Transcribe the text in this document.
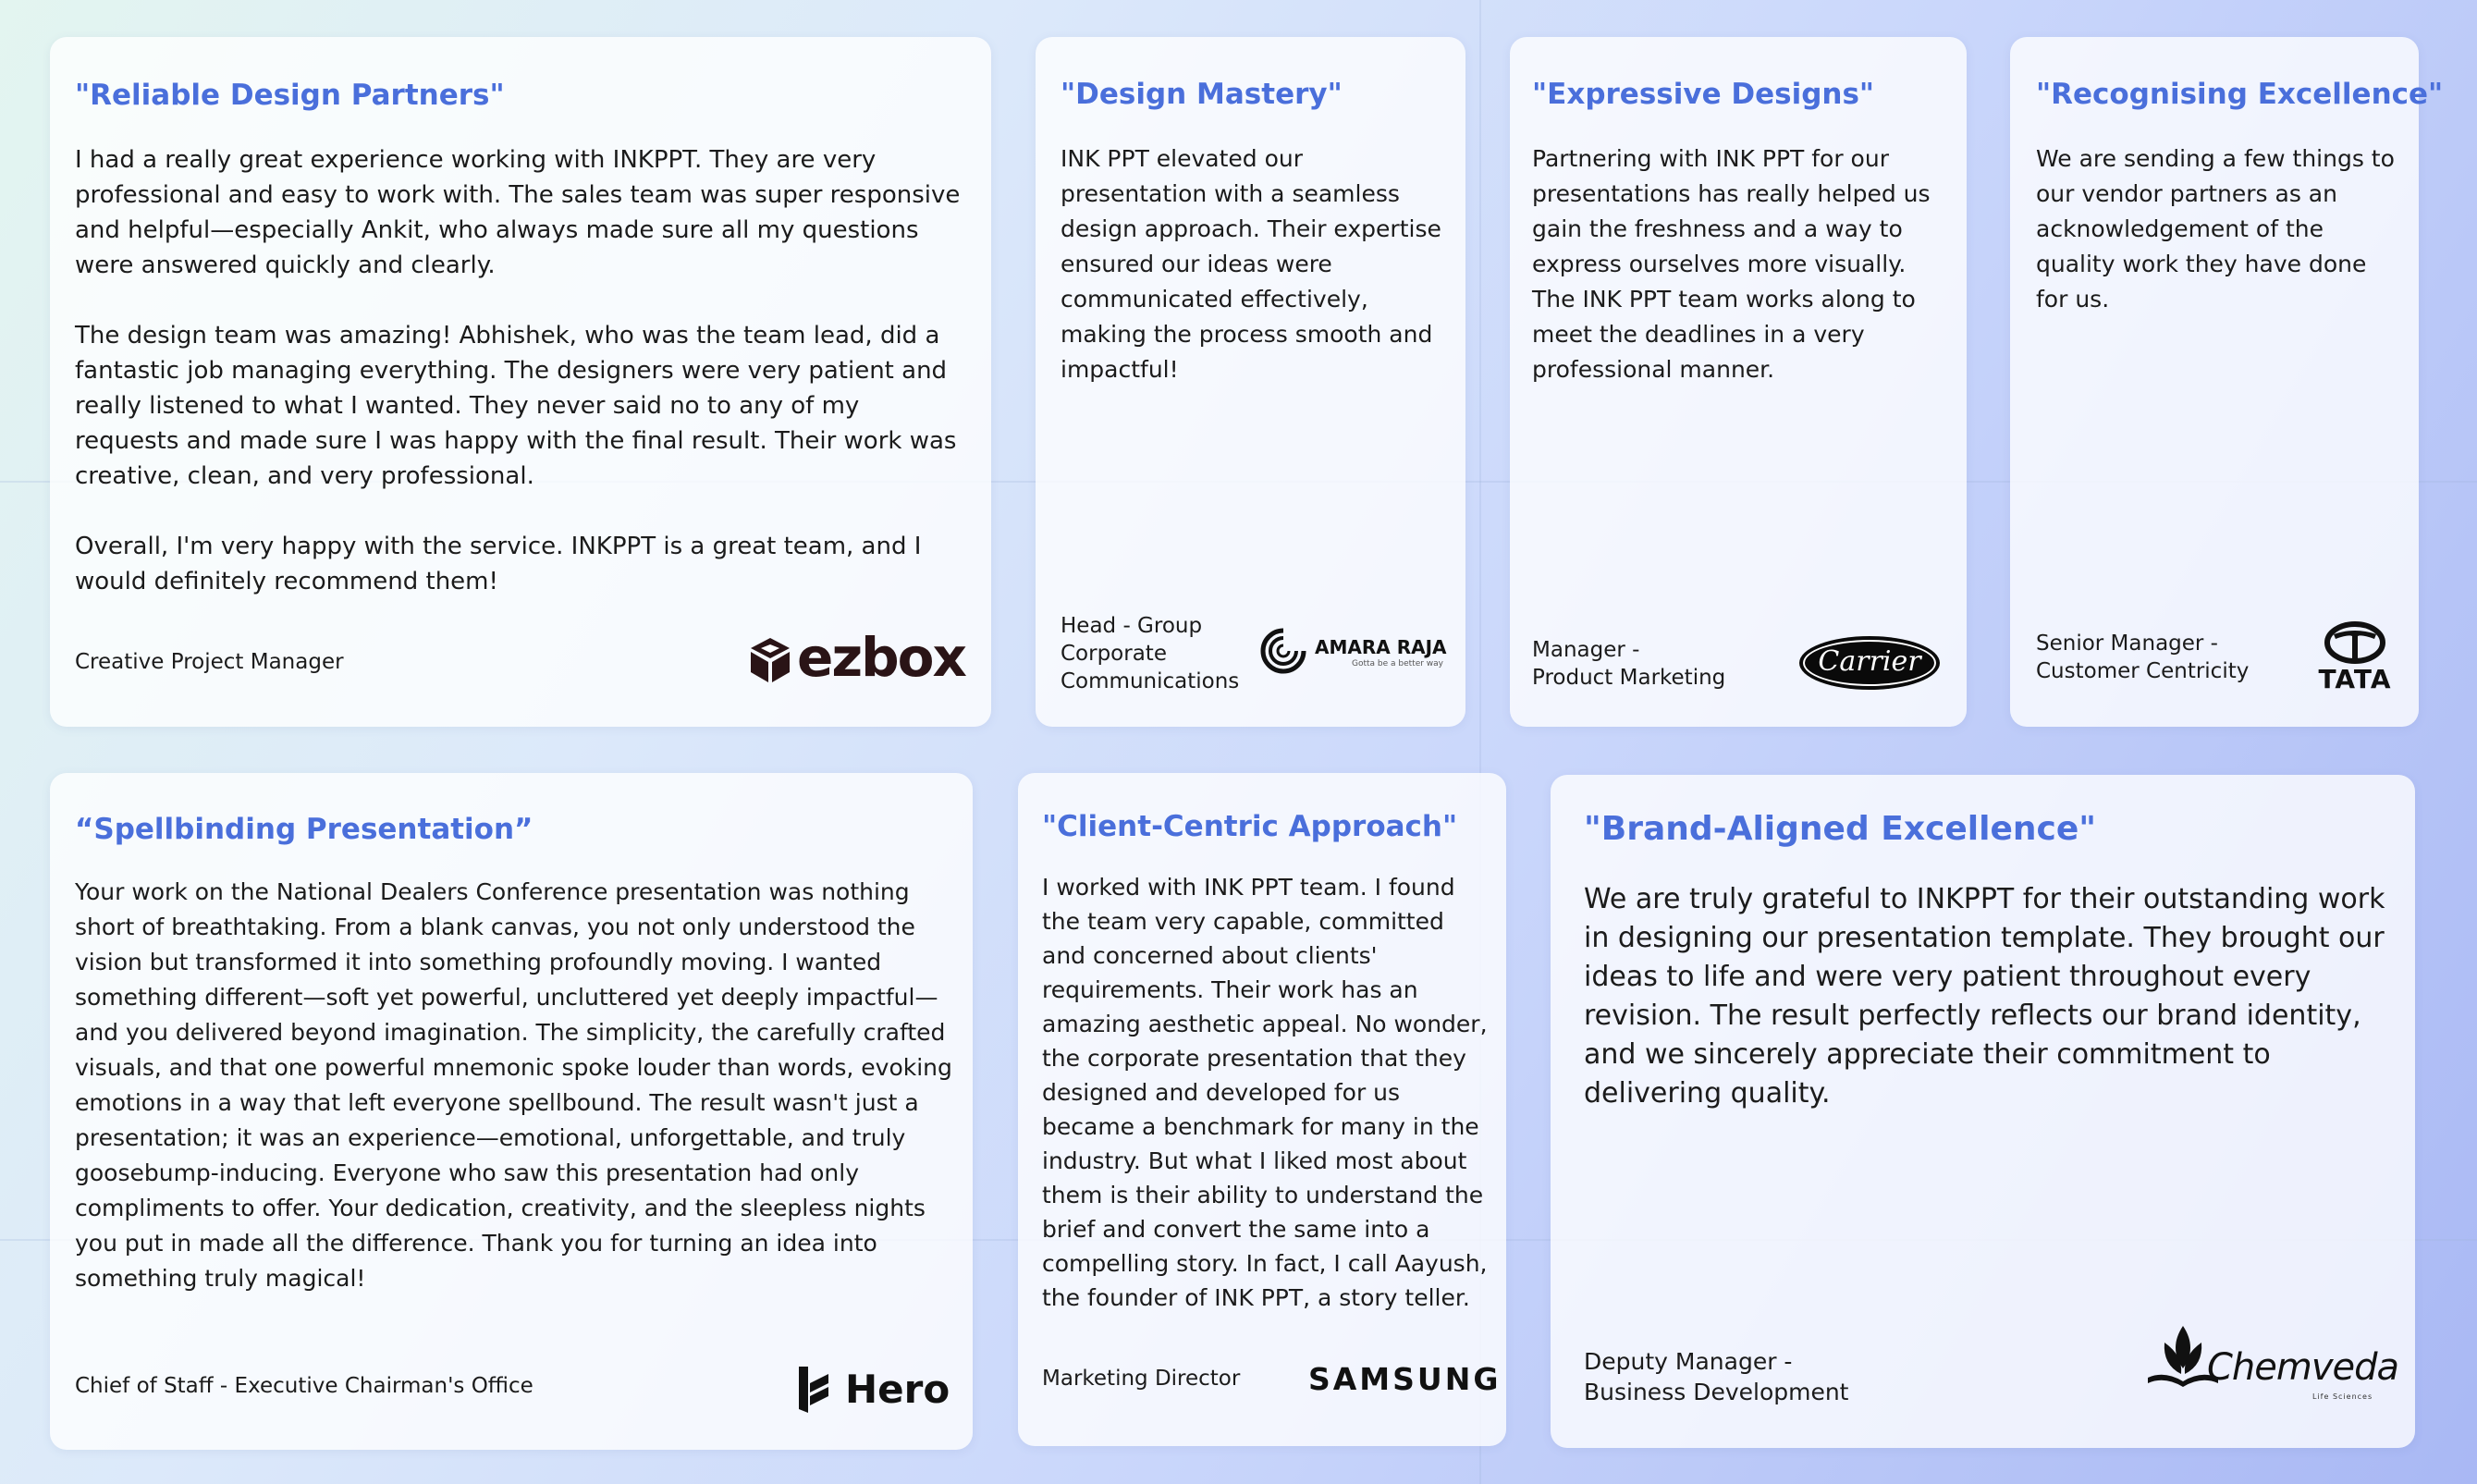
"Reliable Design Partners"

I had a really great experience working with INKPPT. They are very professional and easy to work with. The sales team was super responsive and helpful—especially Ankit, who always made sure all my questions were answered quickly and clearly.

The design team was amazing! Abhishek, who was the team lead, did a fantastic job managing everything. The designers were very patient and really listened to what I wanted. They never said no to any of my requests and made sure I was happy with the final result. Their work was creative, clean, and very professional.

Overall, I'm very happy with the service. INKPPT is a great team, and I would definitely recommend them!

Creative Project Manager	ezbox
"Design Mastery"
INK PPT elevated our presentation with a seamless design approach. Their expertise ensured our ideas were communicated effectively, making the process smooth and impactful!
Head - Group
Corporate
Communications
AMARA RAJA
Gotta be a better way
"Expressive Designs"
Partnering with INK PPT for our presentations has really helped us gain the freshness and a way to express ourselves more visually. The INK PPT team works along to meet the deadlines in a very professional manner.
Manager -
Product Marketing	Carrier
"Recognising Excellence"
We are sending a few things to our vendor partners as an acknowledgement of the quality work they have done for us.
Senior Manager -
Customer Centricity	TATA
“Spellbinding Presentation”
Your work on the National Dealers Conference presentation was nothing short of breathtaking. From a blank canvas, you not only understood the vision but transformed it into something profoundly moving. I wanted something different—soft yet powerful, uncluttered yet deeply impactful—and you delivered beyond imagination. The simplicity, the carefully crafted visuals, and that one powerful mnemonic spoke louder than words, evoking emotions in a way that left everyone spellbound. The result wasn't just a presentation; it was an experience—emotional, unforgettable, and truly goosebump-inducing. Everyone who saw this presentation had only compliments to offer. Your dedication, creativity, and the sleepless nights you put in made all the difference. Thank you for turning an idea into something truly magical!
Chief of Staff - Executive Chairman's Office	Hero
"Client-Centric Approach"
I worked with INK PPT team. I found the team very capable, committed and concerned about clients' requirements. Their work has an amazing aesthetic appeal. No wonder, the corporate presentation that they designed and developed for us became a benchmark for many in the industry. But what I liked most about them is their ability to understand the brief and convert the same into a compelling story. In fact, I call Aayush, the founder of INK PPT, a story teller.
Marketing Director SAMSUNG
"Brand-Aligned Excellence"
We are truly grateful to INKPPT for their outstanding work in designing our presentation template. They brought our ideas to life and were very patient throughout every revision. The result perfectly reflects our brand identity, and we sincerely appreciate their commitment to delivering quality.
Deputy Manager -
Business Development
Chemveda
Life Sciences
